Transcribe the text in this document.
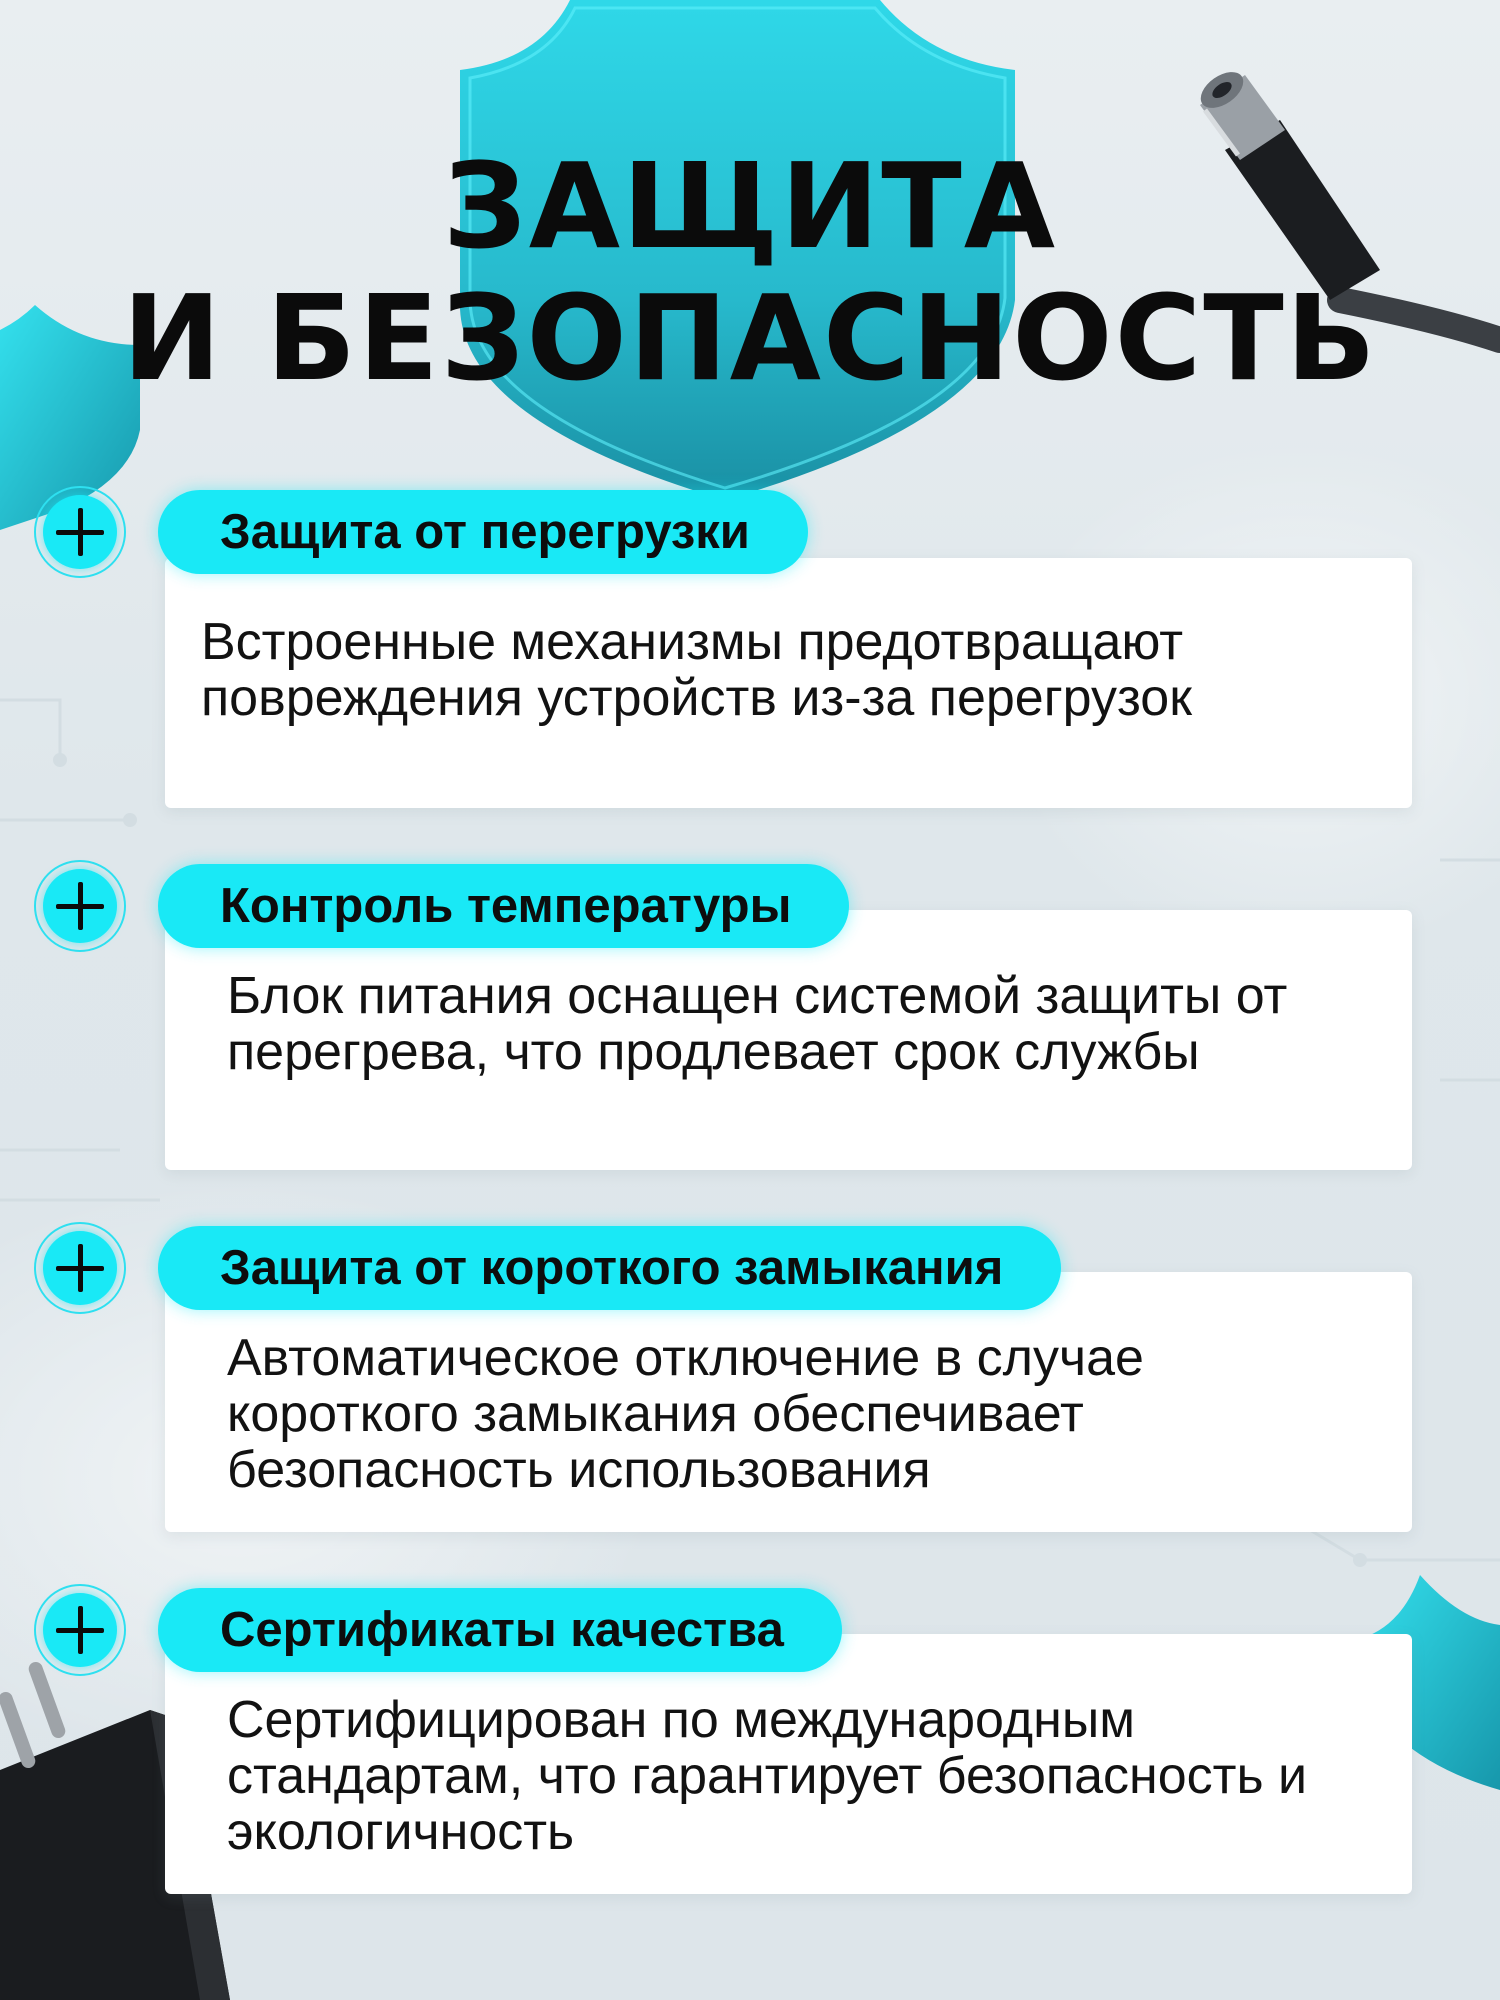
ЗАЩИТА
И БЕЗОПАСНОСТЬ

Встроенные механизмы предотвращают повреждения устройств из-за перегрузок

Защита от перегрузки

Блок питания оснащен системой защиты от перегрева, что продлевает срок службы

Контроль температуры

Автоматическое отключение в случае короткого замыкания обеспечивает безопасность использования

Защита от короткого замыкания

Сертифицирован по международным стандартам, что гарантирует безопасность и экологичность

Сертификаты качества
